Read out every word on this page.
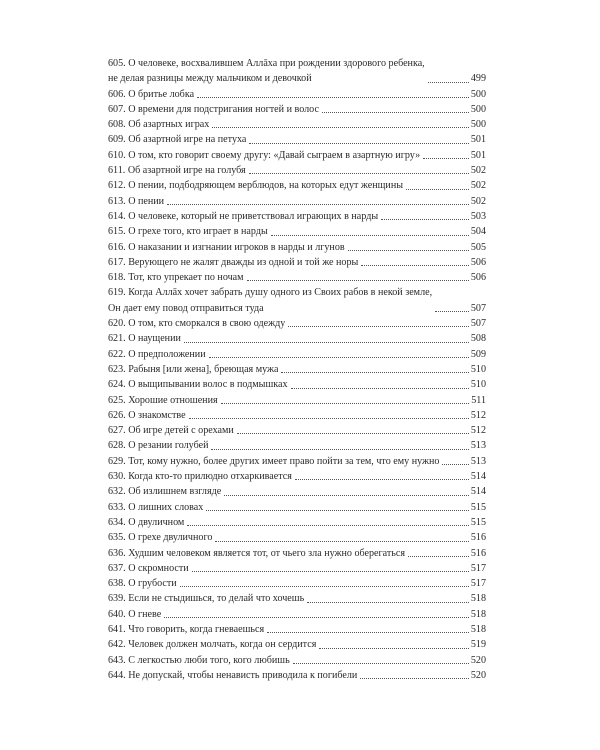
605. О человеке, восхвалившем Аллāха при рождении здорового ребенка,
не делая разницы между мальчиком и девочкой	499
606. О бритье лобка	500
607. О времени для подстригания ногтей и волос	500
608. Об азартных играх	500
609. Об азартной игре на петуха	501
610. О том, кто говорит своему другу: «Давай сыграем в азартную игру»	501
611. Об азартной игре на голубя	502
612. О пении, подбодряющем верблюдов, на которых едут женщины	502
613. О пении	502
614. О человеке, который не приветствовал играющих в нарды	503
615. О грехе того, кто играет в нарды	504
616. О наказании и изгнании игроков в нарды и лгунов	505
617. Верующего не жалят дважды из одной и той же норы	506
618. Тот, кто упрекает по ночам	506
619. Когда Аллāх хочет забрать душу одного из Своих рабов в некой земле,
Он дает ему повод отправиться туда	507
620. О том, кто сморкался в свою одежду	507
621. О наущении	508
622. О предположении	509
623. Рабыня [или жена], бреющая мужа	510
624. О выщипывании волос в подмышках	510
625. Хорошие отношения	511
626. О знакомстве	512
627. Об игре детей с орехами	512
628. О резании голубей	513
629. Тот, кому нужно, более других имеет право пойти за тем, что ему нужно	513
630. Когда кто-то прилюдно отхаркивается	514
632. Об излишнем взгляде	514
633. О лишних словах	515
634. О двуличном	515
635. О грехе двуличного	516
636. Худшим человеком является тот, от чьего зла нужно оберегаться	516
637. О скромности	517
638. О грубости	517
639. Если не стыдишься, то делай что хочешь	518
640. О гневе	518
641. Что говорить, когда гневаешься	518
642. Человек должен молчать, когда он сердится	519
643. С легкостью люби того, кого любишь	520
644. Не допускай, чтобы ненависть приводила к погибели	520
